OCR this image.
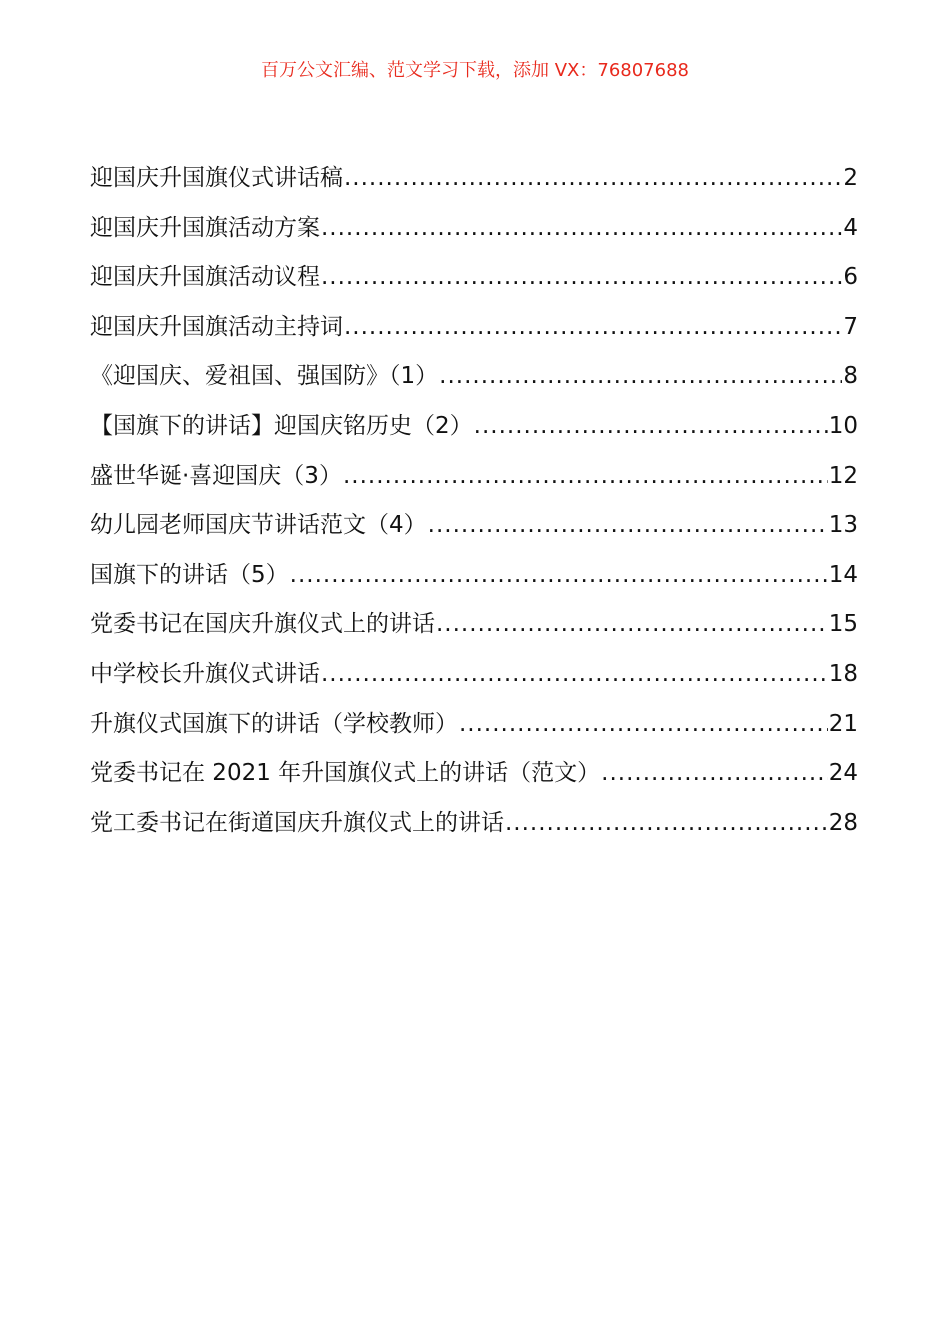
百万公文汇编、范文学习下载，添加 VX：76807688
迎国庆升国旗仪式讲话稿 .....	2
迎国庆升国旗活动方案 .....	4
迎国庆升国旗活动议程 .....	6
迎国庆升国旗活动主持词 .....	7
《迎国庆、爱祖国、强国防》（1） .....	8
【国旗下的讲话】迎国庆铭历史（2） .....	10
盛世华诞·喜迎国庆（3） .....	12
幼儿园老师国庆节讲话范文（4） .....	13
国旗下的讲话（5） .....	14
党委书记在国庆升旗仪式上的讲话 .....	15
中学校长升旗仪式讲话 .....	18
升旗仪式国旗下的讲话（学校教师） .....	21
党委书记在 2021 年升国旗仪式上的讲话（范文） .....	24
党工委书记在街道国庆升旗仪式上的讲话 .....	28
